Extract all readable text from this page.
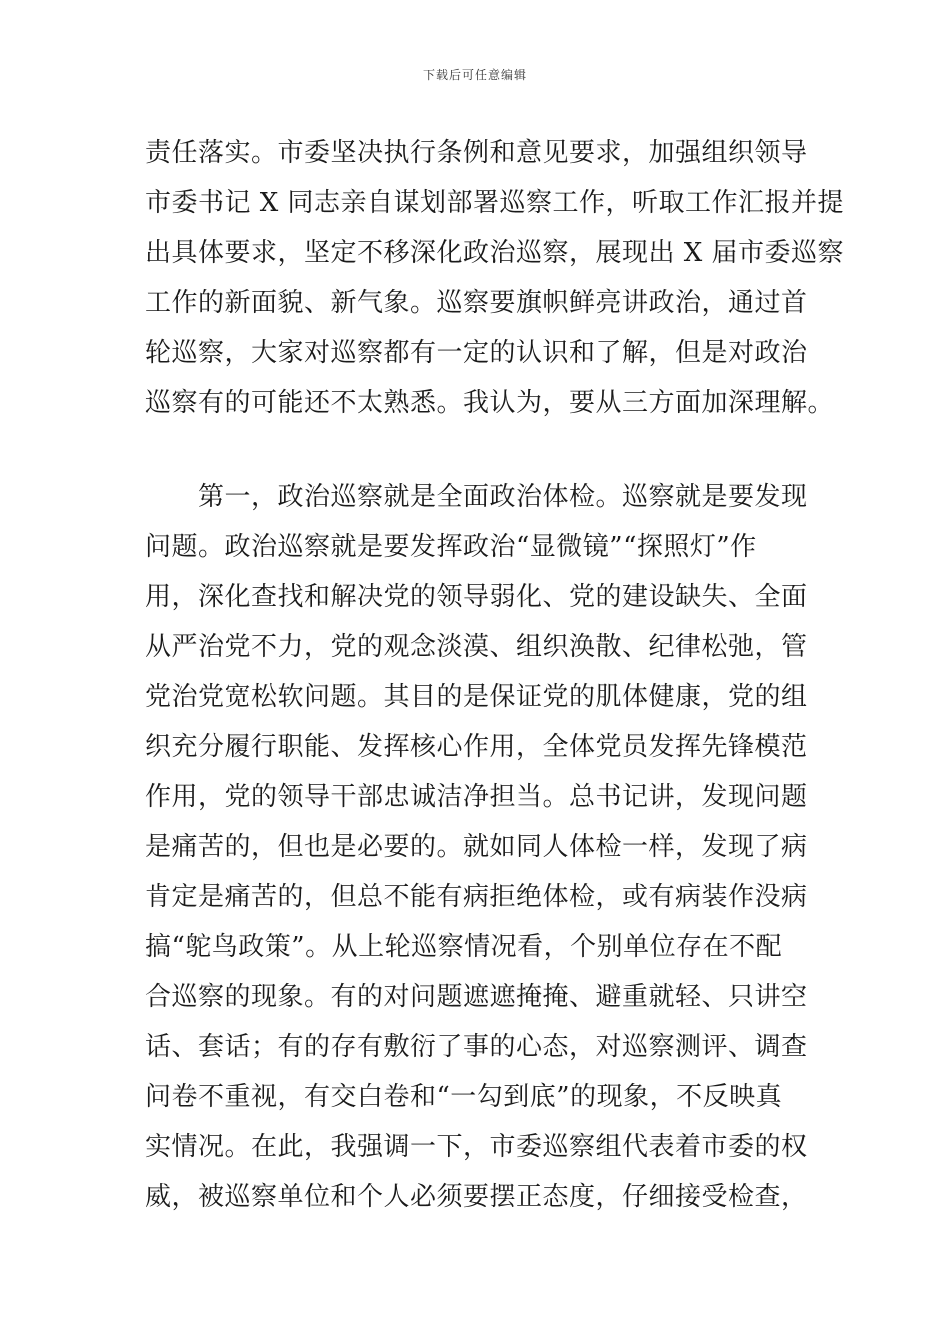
下载后可任意编辑
责任落实。市委坚决执行条例和意见要求，加强组织领导
市委书记 X 同志亲自谋划部署巡察工作，听取工作汇报并提
出具体要求，坚定不移深化政治巡察，展现出 X 届市委巡察
工作的新面貌、新气象。巡察要旗帜鲜亮讲政治，通过首
轮巡察，大家对巡察都有一定的认识和了解，但是对政治
巡察有的可能还不太熟悉。我认为，要从三方面加深理解。
第一，政治巡察就是全面政治体检。巡察就是要发现
问题。政治巡察就是要发挥政治“显微镜”“探照灯”作
用，深化查找和解决党的领导弱化、党的建设缺失、全面
从严治党不力，党的观念淡漠、组织涣散、纪律松弛，管
党治党宽松软问题。其目的是保证党的肌体健康，党的组
织充分履行职能、发挥核心作用，全体党员发挥先锋模范
作用，党的领导干部忠诚洁净担当。总书记讲，发现问题
是痛苦的，但也是必要的。就如同人体检一样，发现了病
肯定是痛苦的，但总不能有病拒绝体检，或有病装作没病
搞“鸵鸟政策”。从上轮巡察情况看，个别单位存在不配
合巡察的现象。有的对问题遮遮掩掩、避重就轻、只讲空
话、套话；有的存有敷衍了事的心态，对巡察测评、调查
问卷不重视，有交白卷和“一勾到底”的现象，不反映真
实情况。在此，我强调一下，市委巡察组代表着市委的权
威，被巡察单位和个人必须要摆正态度，仔细接受检查，
